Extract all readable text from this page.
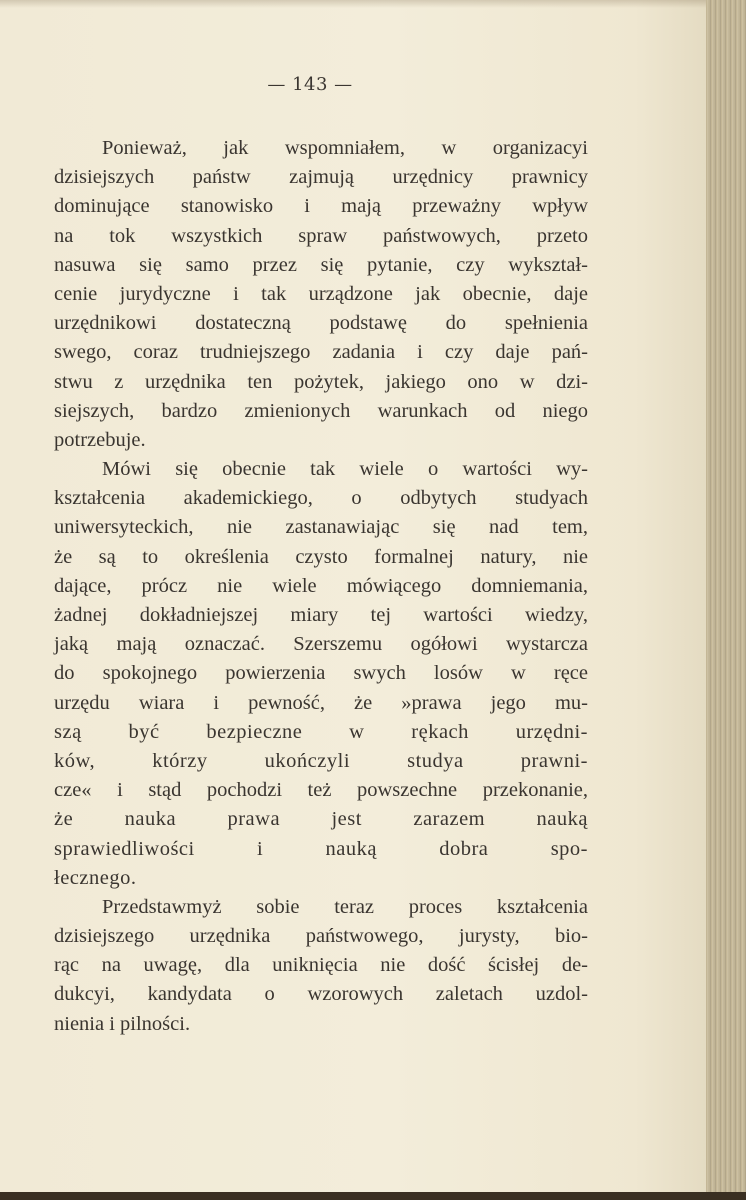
— 143 —
Ponieważ, jak wspomniałem, w organizacyi
dzisiejszych państw zajmują urzędnicy prawnicy
dominujące stanowisko i mają przeważny wpływ
na tok wszystkich spraw państwowych, przeto
nasuwa się samo przez się pytanie, czy wykształ-
cenie jurydyczne i tak urządzone jak obecnie, daje
urzędnikowi dostateczną podstawę do spełnienia
swego, coraz trudniejszego zadania i czy daje pań-
stwu z urzędnika ten pożytek, jakiego ono w dzi-
siejszych, bardzo zmienionych warunkach od niego
potrzebuje.
Mówi się obecnie tak wiele o wartości wy-
kształcenia akademickiego, o odbytych studyach
uniwersyteckich, nie zastanawiając się nad tem,
że są to określenia czysto formalnej natury, nie
dające, prócz nie wiele mówiącego domniemania,
żadnej dokładniejszej miary tej wartości wiedzy,
jaką mają oznaczać. Szerszemu ogółowi wystarcza
do spokojnego powierzenia swych losów w ręce
urzędu wiara i pewność, że »prawa jego mu-
szą być bezpieczne w rękach urzędni-
ków, którzy ukończyli studya prawni-
cze« i stąd pochodzi też powszechne przekonanie,
że nauka prawa jest zarazem nauką
sprawiedliwości i nauką dobra spo-
łecznego.
Przedstawmyż sobie teraz proces kształcenia
dzisiejszego urzędnika państwowego, jurysty, bio-
rąc na uwagę, dla uniknięcia nie dość ścisłej de-
dukcyi, kandydata o wzorowych zaletach uzdol-
nienia i pilności.
